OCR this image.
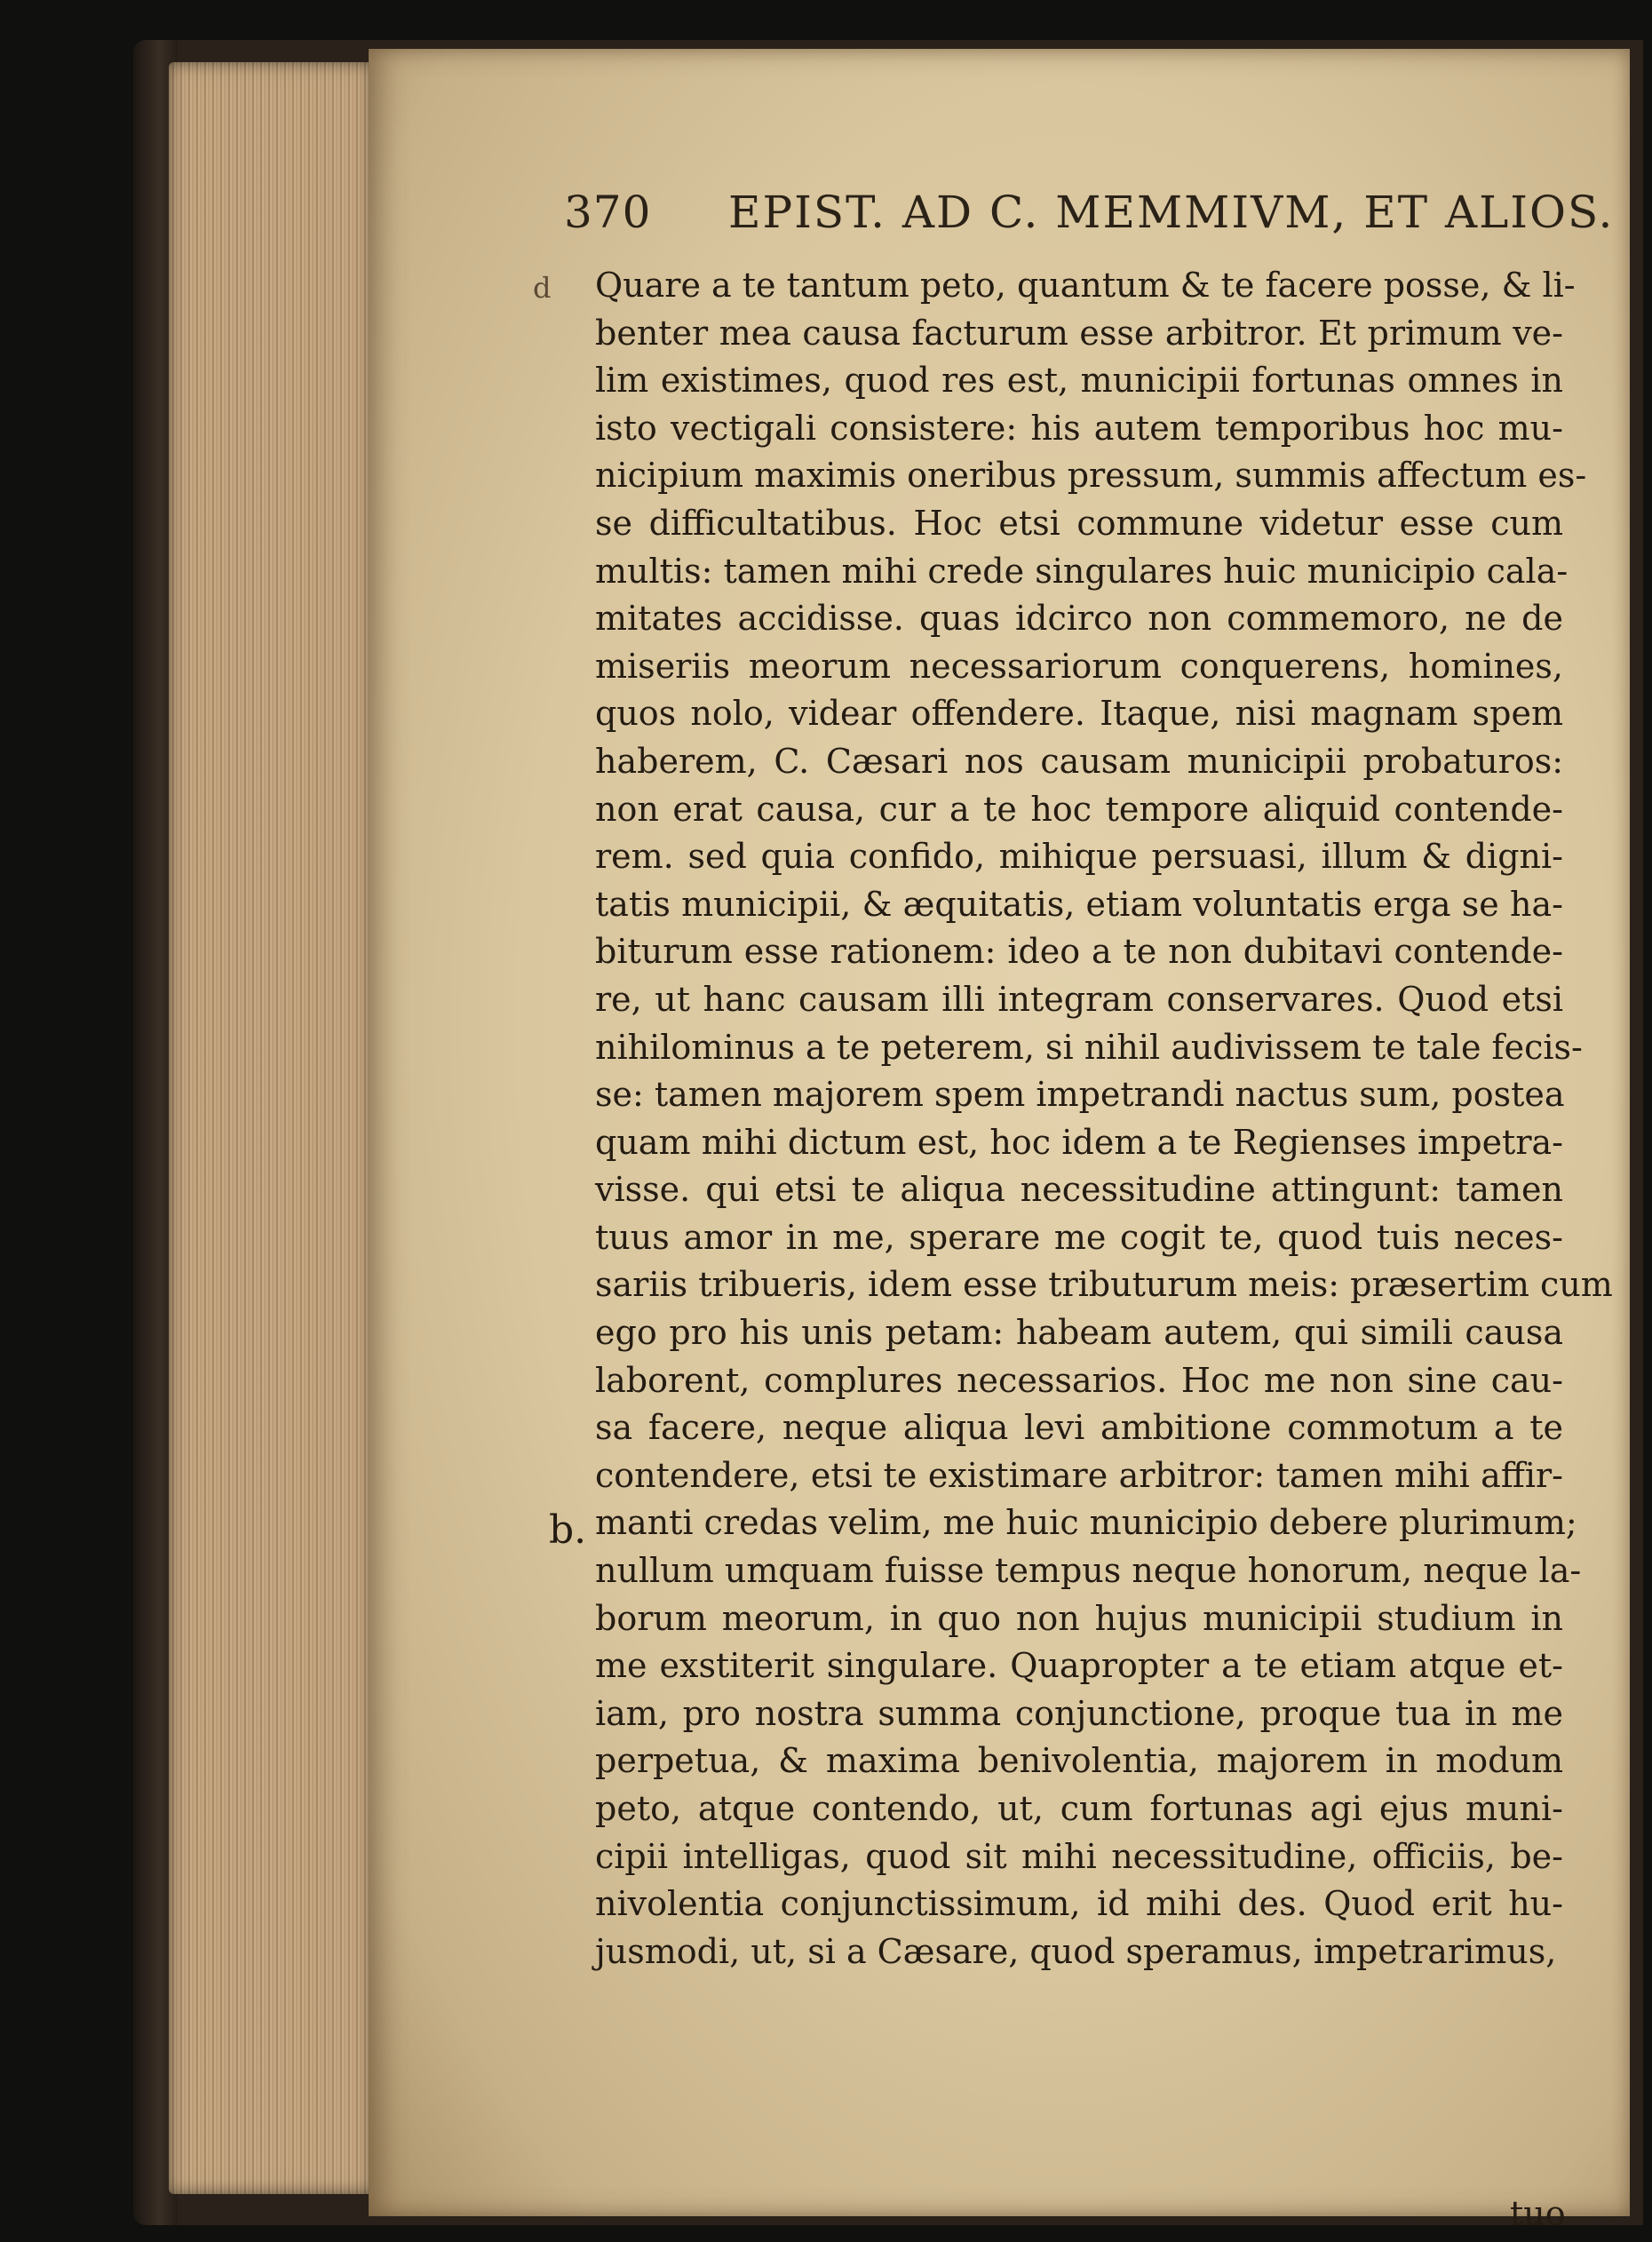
370 EPIST. AD C. MEMMIVM, ET ALIOS.
d
b.
Quare a te tantum peto, quantum & te facere posse, & li-
benter mea causa facturum esse arbitror. Et primum ve-
lim existimes, quod res est, municipii fortunas omnes in
isto vectigali consistere: his autem temporibus hoc mu-
nicipium maximis oneribus pressum, summis affectum es-
se difficultatibus. Hoc etsi commune videtur esse cum
multis: tamen mihi crede singulares huic municipio cala-
mitates accidisse. quas idcirco non commemoro, ne de
miseriis meorum necessariorum conquerens, homines,
quos nolo, videar offendere. Itaque, nisi magnam spem
haberem, C. Cæsari nos causam municipii probaturos:
non erat causa, cur a te hoc tempore aliquid contende-
rem. sed quia confido, mihique persuasi, illum & digni-
tatis municipii, & æquitatis, etiam voluntatis erga se ha-
biturum esse rationem: ideo a te non dubitavi contende-
re, ut hanc causam illi integram conservares. Quod etsi
nihilominus a te peterem, si nihil audivissem te tale fecis-
se: tamen majorem spem impetrandi nactus sum, postea
quam mihi dictum est, hoc idem a te Regienses impetra-
visse. qui etsi te aliqua necessitudine attingunt: tamen
tuus amor in me, sperare me cogit te, quod tuis neces-
sariis tribueris, idem esse tributurum meis: præsertim cum
ego pro his unis petam: habeam autem, qui simili causa
laborent, complures necessarios. Hoc me non sine cau-
sa facere, neque aliqua levi ambitione commotum a te
contendere, etsi te existimare arbitror: tamen mihi affir-
manti credas velim, me huic municipio debere plurimum;
nullum umquam fuisse tempus neque honorum, neque la-
borum meorum, in quo non hujus municipii studium in
me exstiterit singulare. Quapropter a te etiam atque et-
iam, pro nostra summa conjunctione, proque tua in me
perpetua, & maxima benivolentia, majorem in modum
peto, atque contendo, ut, cum fortunas agi ejus muni-
cipii intelligas, quod sit mihi necessitudine, officiis, be-
nivolentia conjunctissimum, id mihi des. Quod erit hu-
jusmodi, ut, si a Cæsare, quod speramus, impetrarimus,
tuo
